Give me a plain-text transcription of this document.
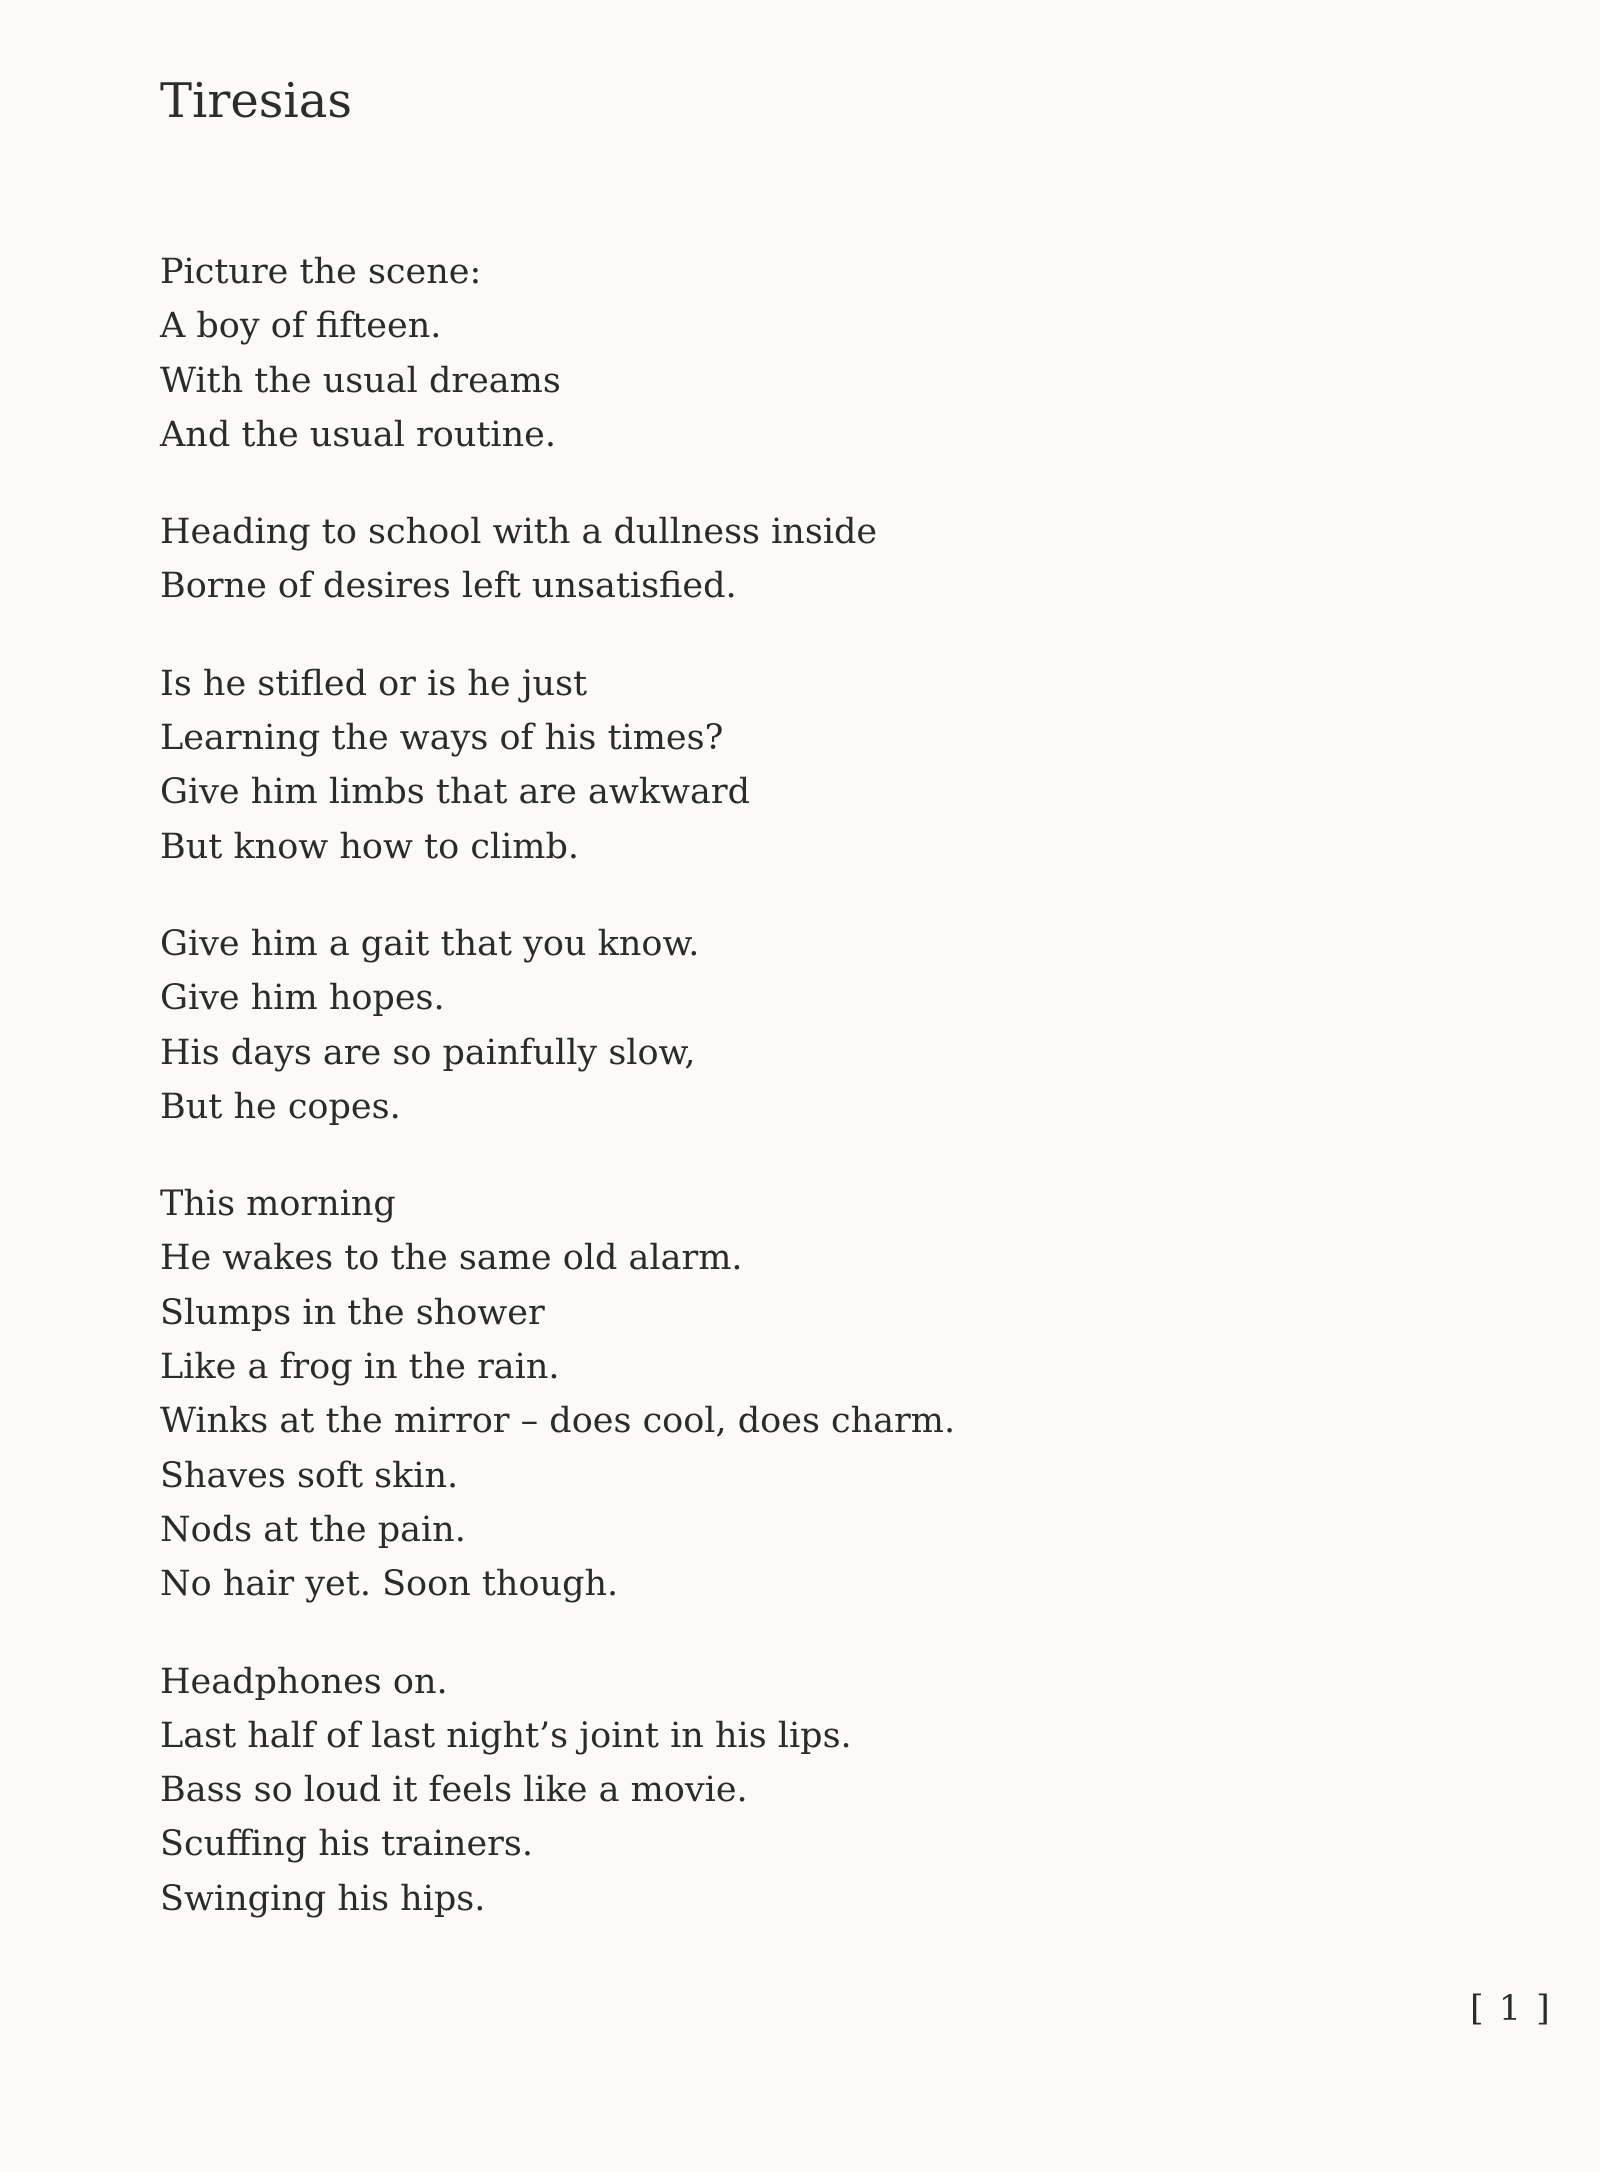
Tiresias
Picture the scene:
A boy of fifteen.
With the usual dreams
And the usual routine.
Heading to school with a dullness inside
Borne of desires left unsatisfied.
Is he stifled or is he just
Learning the ways of his times?
Give him limbs that are awkward
But know how to climb.
Give him a gait that you know.
Give him hopes.
His days are so painfully slow,
But he copes.
This morning
He wakes to the same old alarm.
Slumps in the shower
Like a frog in the rain.
Winks at the mirror – does cool, does charm.
Shaves soft skin.
Nods at the pain.
No hair yet. Soon though.
Headphones on.
Last half of last night’s joint in his lips.
Bass so loud it feels like a movie.
Scuffing his trainers.
Swinging his hips.
[ 1 ]
